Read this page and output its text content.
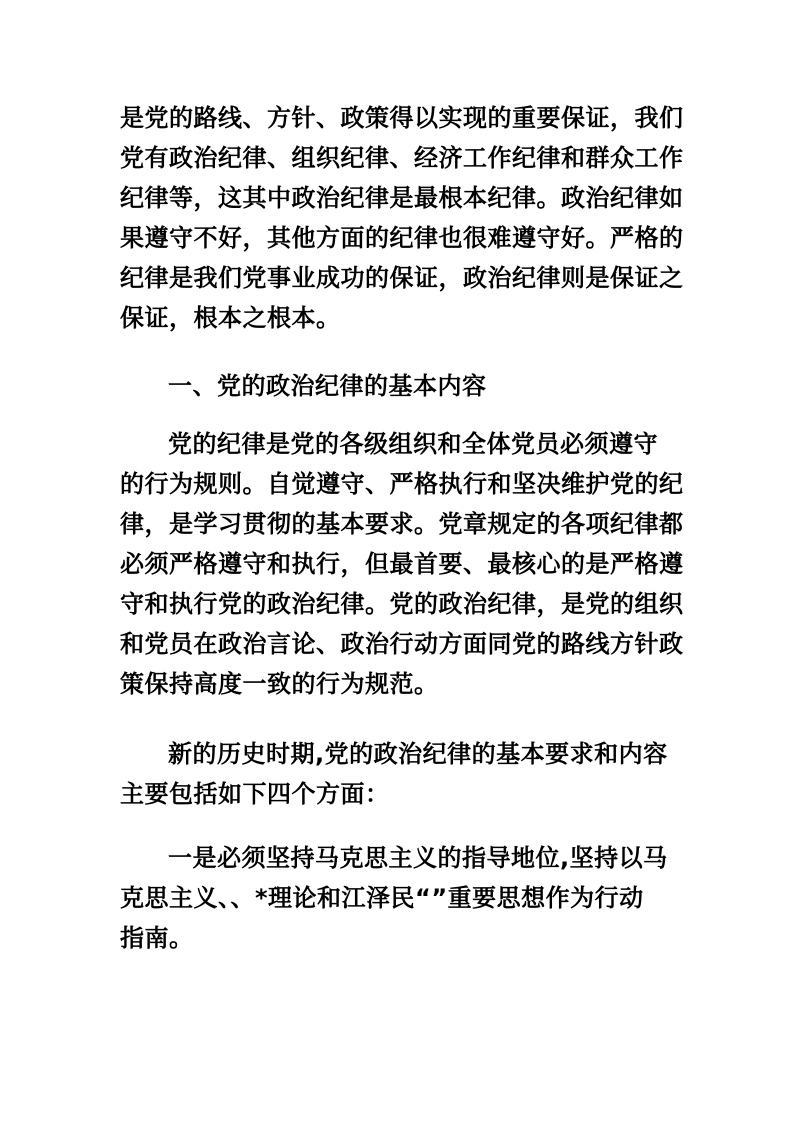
是党的路线、方针、政策得以实现的重要保证，我们
党有政治纪律、组织纪律、经济工作纪律和群众工作
纪律等，这其中政治纪律是最根本纪律。政治纪律如
果遵守不好，其他方面的纪律也很难遵守好。严格的
纪律是我们党事业成功的保证，政治纪律则是保证之
保证，根本之根本。

一、党的政治纪律的基本内容

党的纪律是党的各级组织和全体党员必须遵守
的行为规则。自觉遵守、严格执行和坚决维护党的纪
律，是学习贯彻的基本要求。党章规定的各项纪律都
必须严格遵守和执行，但最首要、最核心的是严格遵
守和执行党的政治纪律。党的政治纪律，是党的组织
和党员在政治言论、政治行动方面同党的路线方针政
策保持高度一致的行为规范。

新的历史时期,党的政治纪律的基本要求和内容
主要包括如下四个方面：

一是必须坚持马克思主义的指导地位,坚持以马
克思主义、、*理论和江泽民“”重要思想作为行动
指南。
